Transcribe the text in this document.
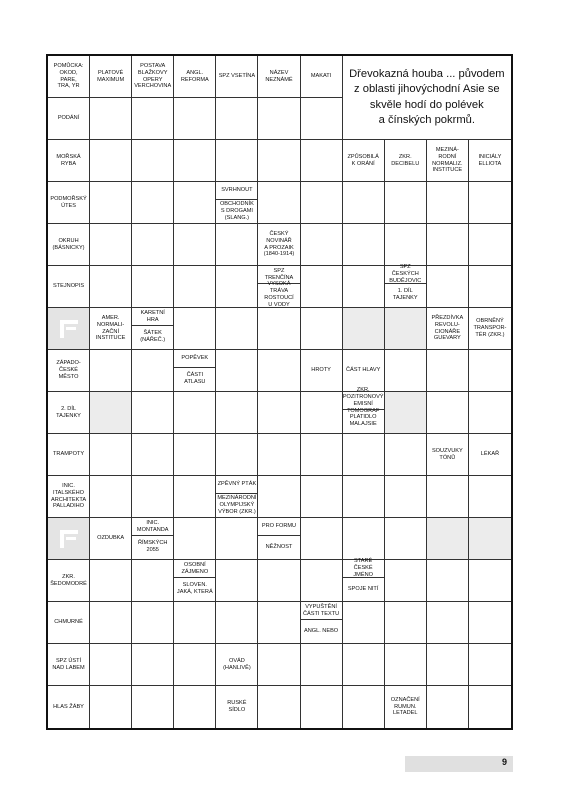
POMŮCKA:
OKOD,
PARE,
TRA, YR
PLATOVÉ
MAXIMUM
POSTAVA
BLAŽKOVY
OPERY
VERCHOVINA
ANGL.
REFORMA
SPZ VSETÍNA
NÁZEV
NEZNÁMÉ
MAKATI
PODÁNÍ
MOŘSKÁ
RYBA
ZPŮSOBILÁ
K ORÁNÍ
ZKR.
DECIBELU
MEZINÁ-
RODNÍ
NORMALIZ.
INSTITUCE
INICIÁLY
ELLIOTA
PODMOŘSKÝ
ÚTES
SVRHNOUT
OBCHODNÍK
S DROGAMI
(SLANG.)
OKRUH
(BÁSNICKY)
ČESKÝ
NOVINÁŘ
A PROZAIK
(1840-1914)
STEJNOPIS
SPZ TRENČÍNA
VYSOKÁ
TRÁVA
ROSTOUCÍ
U VODY
SPZ ČESKÝCH
BUDĚJOVIC
1. DÍL
TAJENKY
AMER.
NORMALI-
ZAČNÍ
INSTITUCE
KARETNÍ
HRA
ŠÁTEK
(NÁŘEČ.)
PŘEZDÍVKA
REVOLU-
CIONÁŘE
GUEVARY
OBRNĚNÝ
TRANSPOR-
TÉR (ZKR.)
ZÁPADO-
ČESKÉ
MĚSTO
POPĚVEK
ČÁSTI
ATLASU
HROTY	ČÁST HLAVY
2. DÍL
TAJENKY
ZKR.
POZITRONOVÝ
EMISNÍ
TOMOGRAF
PLATIDLO
MALAJSIE
TRAMPOTY
SOUZVUKY
TÓNŮ
LÉKAŘ
INIC.
ITALSKÉHO
ARCHITEKTA
PALLADIHO
ZPĚVNÝ PTÁK
MEZINÁRODNÍ
OLYMPIJSKÝ
VÝBOR (ZKR.)
OZDUBKA
INIC.
MONTANDA
ŘÍMSKÝCH
2055
PRO FORMU
NĚŽNOST
ZKR.
ŠEDOMODRÉ
OSOBNÍ
ZÁJMENO
SLOVEN.
JAKÁ, KTERÁ
STARÉ
ČESKÉ
JMÉNO
SPOJE NITÍ
CHMURNÉ
VYPUŠTĚNÍ
ČÁSTI TEXTU
ANGL. NEBO
SPZ ÚSTÍ
NAD LABEM
OVÁD
(HANLIVĚ)
HLAS ŽÁBY
RUSKÉ
SÍDLO
OZNAČENÍ
RUMUN.
LETADEL
Dřevokazná houba ... původem
z oblasti jihovýchodní Asie se
skvěle hodí do polévek
a čínských pokrmů.
9
